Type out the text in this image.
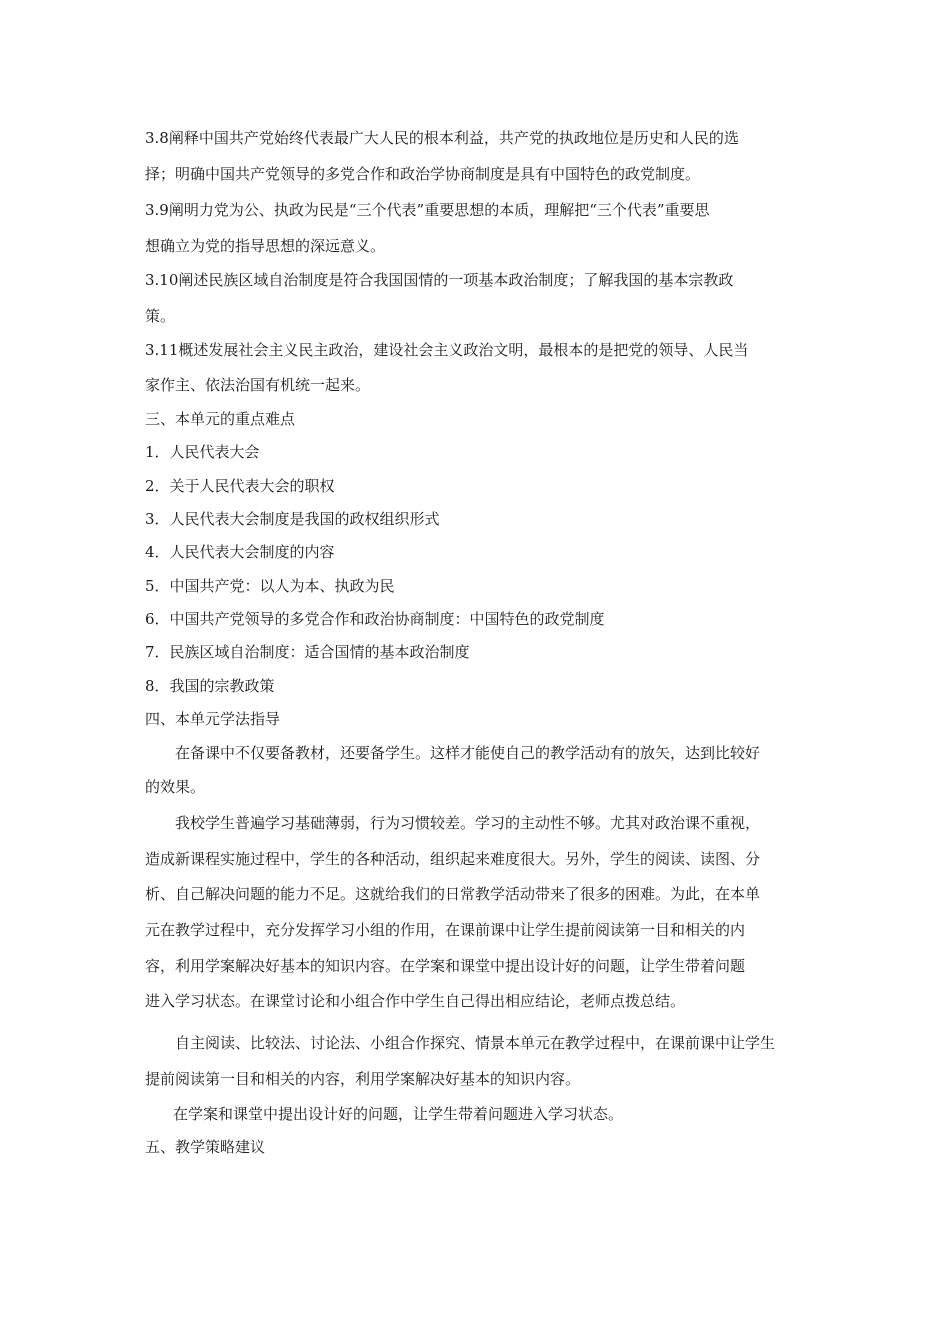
3.8阐释中国共产党始终代表最广大人民的根本利益，共产党的执政地位是历史和人民的选
择；明确中国共产党领导的多党合作和政治学协商制度是具有中国特色的政党制度。
3.9阐明力党为公、执政为民是“三个代表”重要思想的本质，理解把“三个代表”重要思
想确立为党的指导思想的深远意义。
3.10阐述民族区域自治制度是符合我国国情的一项基本政治制度；了解我国的基本宗教政
策。
3.11概述发展社会主义民主政治，建设社会主义政治文明，最根本的是把党的领导、人民当
家作主、依法治国有机统一起来。
三、本单元的重点难点
1．人民代表大会
2．关于人民代表大会的职权
3．人民代表大会制度是我国的政权组织形式
4．人民代表大会制度的内容
5．中国共产党：以人为本、执政为民
6．中国共产党领导的多党合作和政治协商制度：中国特色的政党制度
7．民族区域自治制度：适合国情的基本政治制度
8．我国的宗教政策
四、本单元学法指导
在备课中不仅要备教材，还要备学生。这样才能使自己的教学活动有的放矢，达到比较好
的效果。
我校学生普遍学习基础薄弱，行为习惯较差。学习的主动性不够。尤其对政治课不重视，
造成新课程实施过程中，学生的各种活动，组织起来难度很大。另外，学生的阅读、读图、分
析、自己解决问题的能力不足。这就给我们的日常教学活动带来了很多的困难。为此，在本单
元在教学过程中，充分发挥学习小组的作用，在课前课中让学生提前阅读第一目和相关的内
容，利用学案解决好基本的知识内容。在学案和课堂中提出设计好的问题，让学生带着问题
进入学习状态。在课堂讨论和小组合作中学生自己得出相应结论，老师点拨总结。
自主阅读、比较法、讨论法、小组合作探究、情景本单元在教学过程中，在课前课中让学生
提前阅读第一目和相关的内容，利用学案解决好基本的知识内容。
在学案和课堂中提出设计好的问题，让学生带着问题进入学习状态。
五、教学策略建议
